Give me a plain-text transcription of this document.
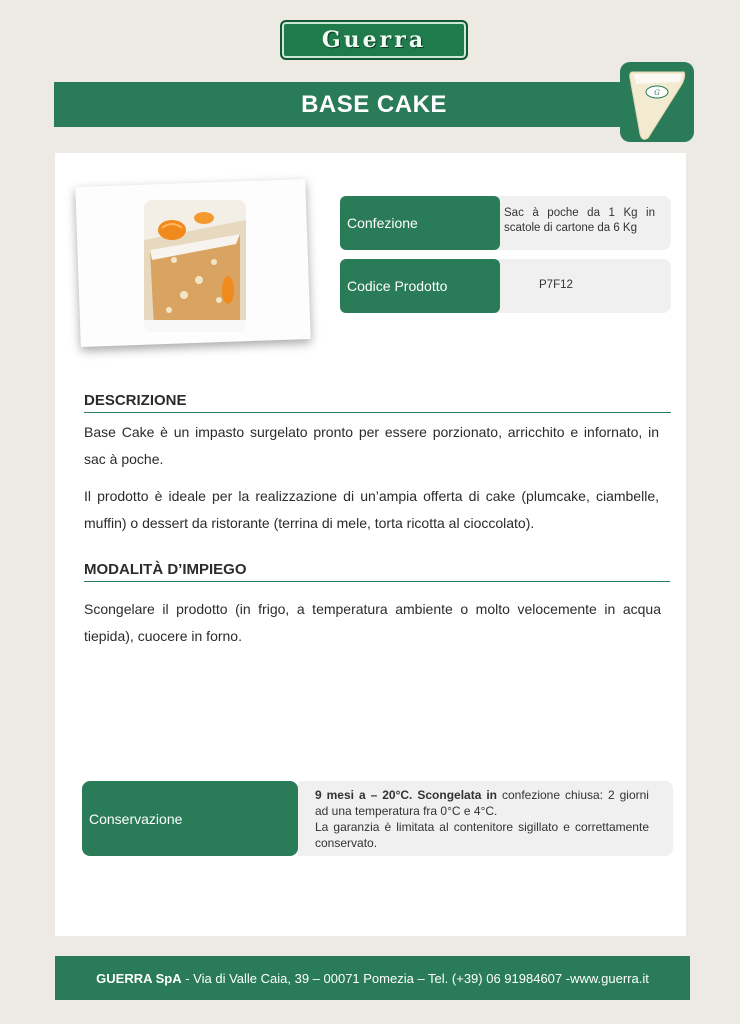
Guerra
BASE CAKE	G
Sac à poche da 1 Kg in scatole di cartone da 6 Kg
Confezione
P7F12
Codice Prodotto
DESCRIZIONE
Base Cake è un impasto surgelato pronto per essere porzionato, arricchito e infornato, in sac à poche.
Il prodotto è ideale per la realizzazione di un’ampia offerta di cake (plumcake, ciambelle, muffin) o dessert da ristorante (terrina di mele, torta ricotta al cioccolato).
MODALITÀ D’IMPIEGO
Scongelare il prodotto (in frigo, a temperatura ambiente o molto velocemente in acqua tiepida), cuocere in forno.
Conservazione
9 mesi a – 20°C. Scongelata in confezione chiusa: 2 giorni ad una temperatura fra 0°C e 4°C.
La garanzia è limitata al contenitore sigillato e correttamente conservato.
GUERRA SpA - Via di Valle Caia, 39 – 00071 Pomezia – Tel. (+39) 06 91984607 -www.guerra.it
